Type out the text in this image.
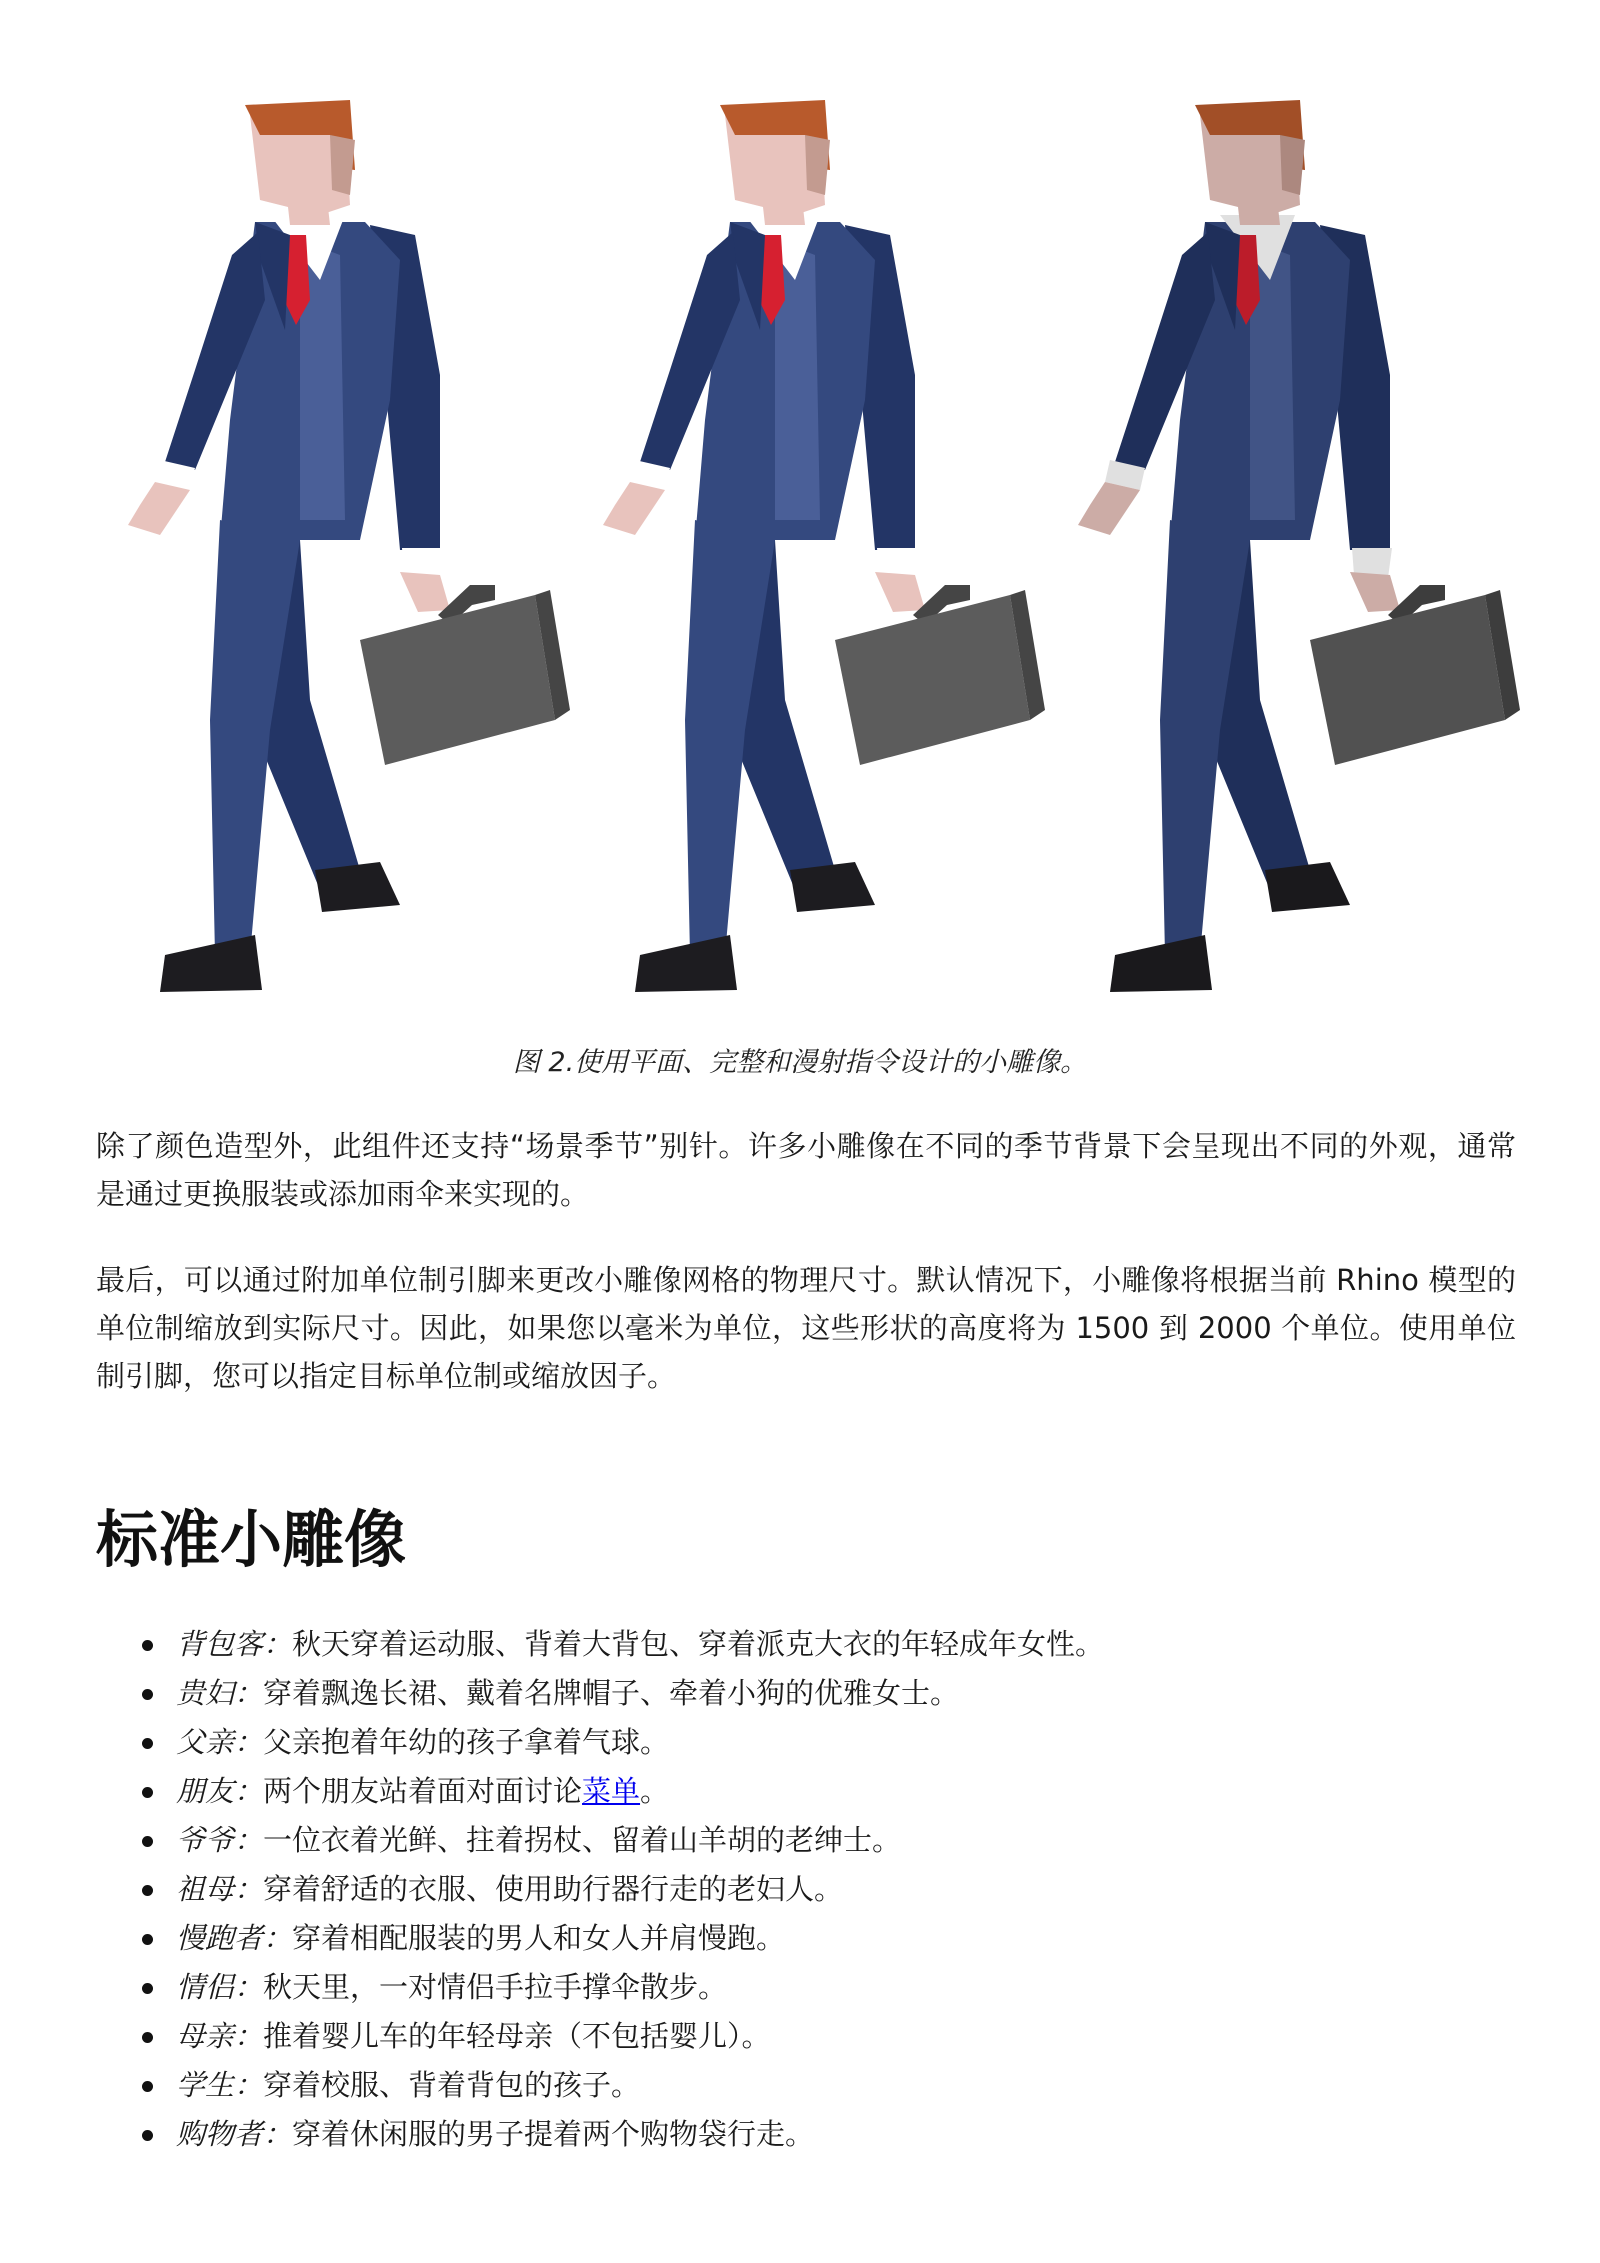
图 2.使用平面、完整和漫射指令设计的小雕像。

除了颜色造型外，此组件还支持“场景季节”别针。许多小雕像在不同的季节背景下会呈现出不同的外观，通常是通过更换服装或添加雨伞来实现的。

最后，可以通过附加单位制引脚来更改小雕像网格的物理尺寸。默认情况下，小雕像将根据当前 Rhino 模型的单位制缩放到实际尺寸。因此，如果您以毫米为单位，这些形状的高度将为 1500 到 2000 个单位。使用单位制引脚，您可以指定目标单位制或缩放因子。

标准小雕像
背包客：秋天穿着运动服、背着大背包、穿着派克大衣的年轻成年女性。
贵妇：穿着飘逸长裙、戴着名牌帽子、牵着小狗的优雅女士。
父亲：父亲抱着年幼的孩子拿着气球。
朋友：两个朋友站着面对面讨论菜单。
爷爷：一位衣着光鲜、拄着拐杖、留着山羊胡的老绅士。
祖母：穿着舒适的衣服、使用助行器行走的老妇人。
慢跑者：穿着相配服装的男人和女人并肩慢跑。
情侣：秋天里，一对情侣手拉手撑伞散步。
母亲：推着婴儿车的年轻母亲（不包括婴儿）。
学生：穿着校服、背着背包的孩子。
购物者：穿着休闲服的男子提着两个购物袋行走。
